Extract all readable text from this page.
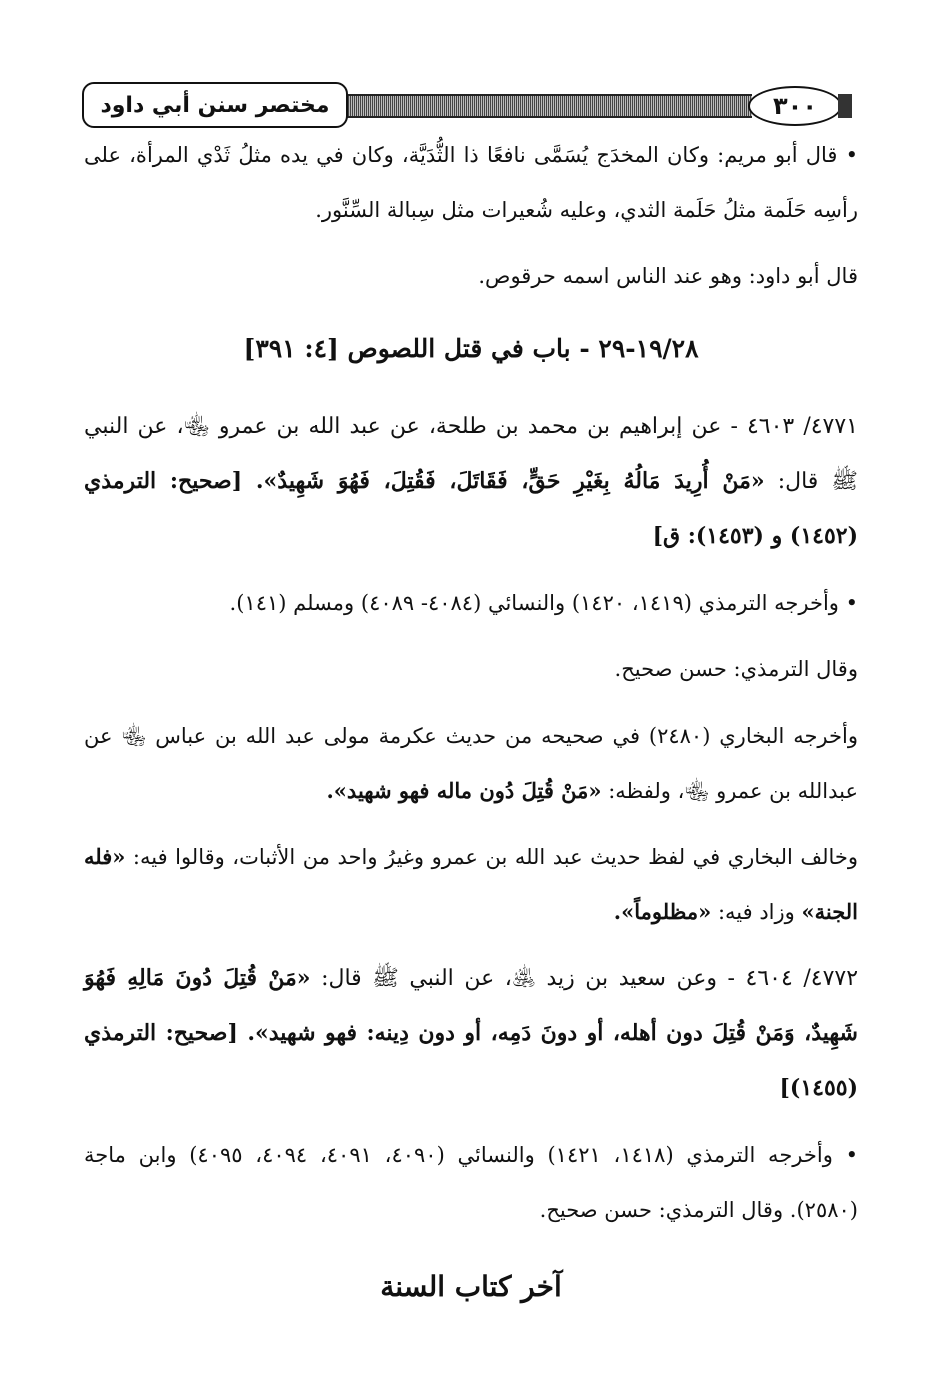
مختصر سنن أبي داود	٣٠٠

• قال أبو مريم: وكان المخدَج يُسَمَّى نافعًا ذا الثُّدَيَّة، وكان في يده مثلُ ثَدْي المرأة، على رأسِه حَلَمة مثلُ حَلَمة الثدي، وعليه شُعيرات مثل سِبالة السِّنَّور.

قال أبو داود: وهو عند الناس اسمه حرقوص.

١٩/٢٨-٢٩ - باب في قتل اللصوص [٤: ٣٩١]

٤٧٧١/ ٤٦٠٣ - عن إبراهيم بن محمد بن طلحة، عن عبد الله بن عمرو ﵄، عن النبي ﷺ قال: «مَنْ أُرِيدَ مَالُهُ بِغَيْرِ حَقٍّ، فَقَاتَلَ، فَقُتِلَ، فَهُوَ شَهِيدٌ». [صحيح: الترمذي (١٤٥٢) و (١٤٥٣): ق]

• وأخرجه الترمذي (١٤١٩، ١٤٢٠) والنسائي (٤٠٨٤- ٤٠٨٩) ومسلم (١٤١).

وقال الترمذي: حسن صحيح.

وأخرجه البخاري (٢٤٨٠) في صحيحه من حديث عكرمة مولى عبد الله بن عباس ﵄ عن عبدالله بن عمرو ﵄، ولفظه: «مَنْ قُتِلَ دُون ماله فهو شهيد».

وخالف البخاري في لفظ حديث عبد الله بن عمرو وغيرُ واحد من الأثبات، وقالوا فيه: «فله الجنة» وزاد فيه: «مظلوماً».

٤٧٧٢/ ٤٦٠٤ - وعن سعيد بن زيد ﵁، عن النبي ﷺ قال: «مَنْ قُتِلَ دُونَ مَالِهِ فَهُوَ شَهِيدٌ، وَمَنْ قُتِلَ دون أهله، أو دونَ دَمِه، أو دون دِينه: فهو شهيد». [صحيح: الترمذي (١٤٥٥)]

• وأخرجه الترمذي (١٤١٨، ١٤٢١) والنسائي (٤٠٩٠، ٤٠٩١، ٤٠٩٤، ٤٠٩٥) وابن ماجة (٢٥٨٠). وقال الترمذي: حسن صحيح.

آخر كتاب السنة
